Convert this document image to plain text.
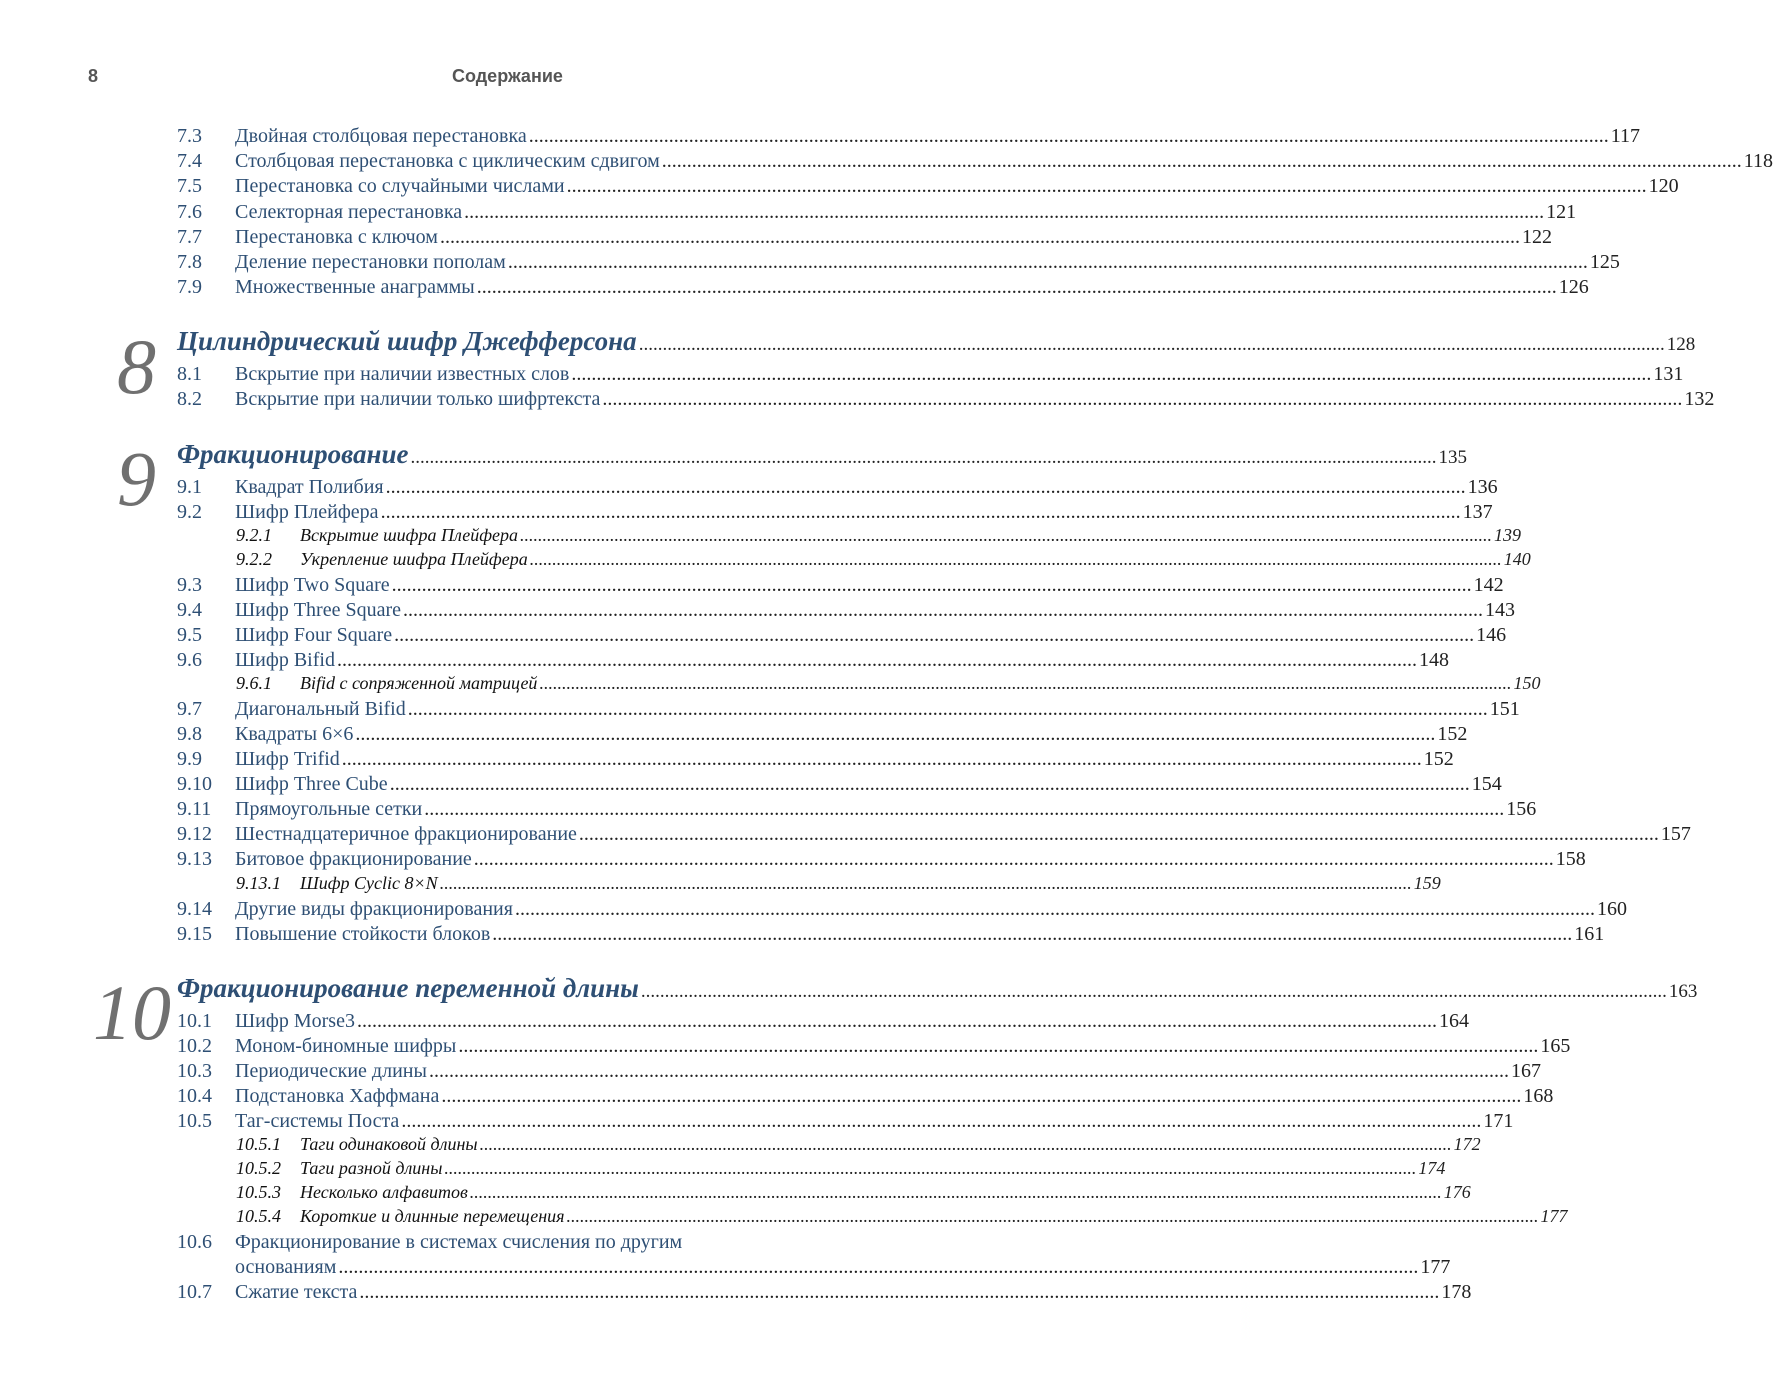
8	Содержание
8
9
10
7.3	Двойная столбцовая перестановка .....	117
7.4	Столбцовая перестановка с циклическим сдвигом .....	118
7.5	Перестановка со случайными числами .....	120
7.6	Селекторная перестановка .....	121
7.7	Перестановка с ключом .....	122
7.8	Деление перестановки пополам .....	125
7.9	Множественные анаграммы .....	126
Цилиндрический шифр Джефферсона .....	128
8.1	Вскрытие при наличии известных слов .....	131
8.2	Вскрытие при наличии только шифртекста .....	132
Фракционирование .....	135
9.1	Квадрат Полибия .....	136
9.2	Шифр Плейфера .....	137
9.2.1	Вскрытие шифра Плейфера .....	139
9.2.2	Укрепление шифра Плейфера .....	140
9.3	Шифр Two Square .....	142
9.4	Шифр Three Square .....	143
9.5	Шифр Four Square .....	146
9.6	Шифр Bifid .....	148
9.6.1	Bifid с сопряженной матрицей .....	150
9.7	Диагональный Bifid .....	151
9.8	Квадраты 6×6 .....	152
9.9	Шифр Trifid .....	152
9.10	Шифр Three Cube .....	154
9.11	Прямоугольные сетки .....	156
9.12	Шестнадцатеричное фракционирование .....	157
9.13	Битовое фракционирование .....	158
9.13.1	Шифр Cyclic 8×N .....	159
9.14	Другие виды фракционирования .....	160
9.15	Повышение стойкости блоков .....	161
Фракционирование переменной длины .....	163
10.1	Шифр Morse3 .....	164
10.2	Моном-биномные шифры .....	165
10.3	Периодические длины .....	167
10.4	Подстановка Хаффмана .....	168
10.5	Таг-системы Поста .....	171
10.5.1	Таги одинаковой длины .....	172
10.5.2	Таги разной длины .....	174
10.5.3	Несколько алфавитов .....	176
10.5.4	Короткие и длинные перемещения .....	177
10.6	Фракционирование в системах счисления по другим
основаниям .....	177
10.7	Сжатие текста .....	178
